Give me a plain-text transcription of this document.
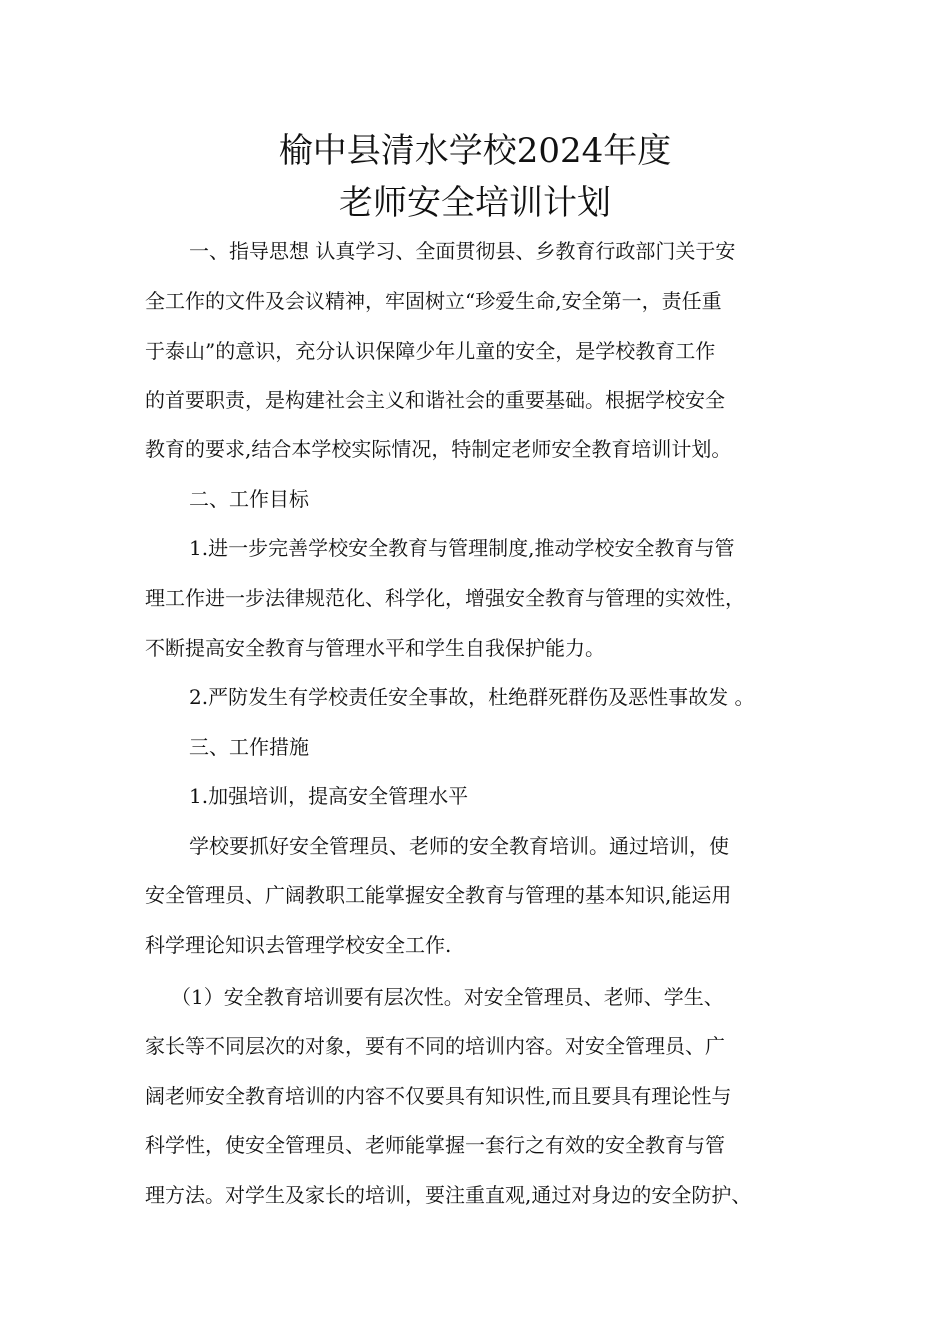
榆中县清水学校2024年度
老师安全培训计划
一、指导思想 认真学习、全面贯彻县、乡教育行政部门关于安
全工作的文件及会议精神，牢固树立“珍爱生命,安全第一，责任重
于泰山”的意识，充分认识保障少年儿童的安全，是学校教育工作
的首要职责，是构建社会主义和谐社会的重要基础。根据学校安全
教育的要求,结合本学校实际情况，特制定老师安全教育培训计划。
二、工作目标
1.进一步完善学校安全教育与管理制度,推动学校安全教育与管
理工作进一步法律规范化、科学化，增强安全教育与管理的实效性，
不断提高安全教育与管理水平和学生自我保护能力。
2.严防发生有学校责任安全事故，杜绝群死群伤及恶性事故发 。
三、工作措施
1.加强培训，提高安全管理水平
学校要抓好安全管理员、老师的安全教育培训。通过培训，使
安全管理员、广阔教职工能掌握安全教育与管理的基本知识,能运用
科学理论知识去管理学校安全工作.
（1）安全教育培训要有层次性。对安全管理员、老师、学生、
家长等不同层次的对象，要有不同的培训内容。对安全管理员、广
阔老师安全教育培训的内容不仅要具有知识性,而且要具有理论性与
科学性，使安全管理员、老师能掌握一套行之有效的安全教育与管
理方法。对学生及家长的培训，要注重直观,通过对身边的安全防护、
